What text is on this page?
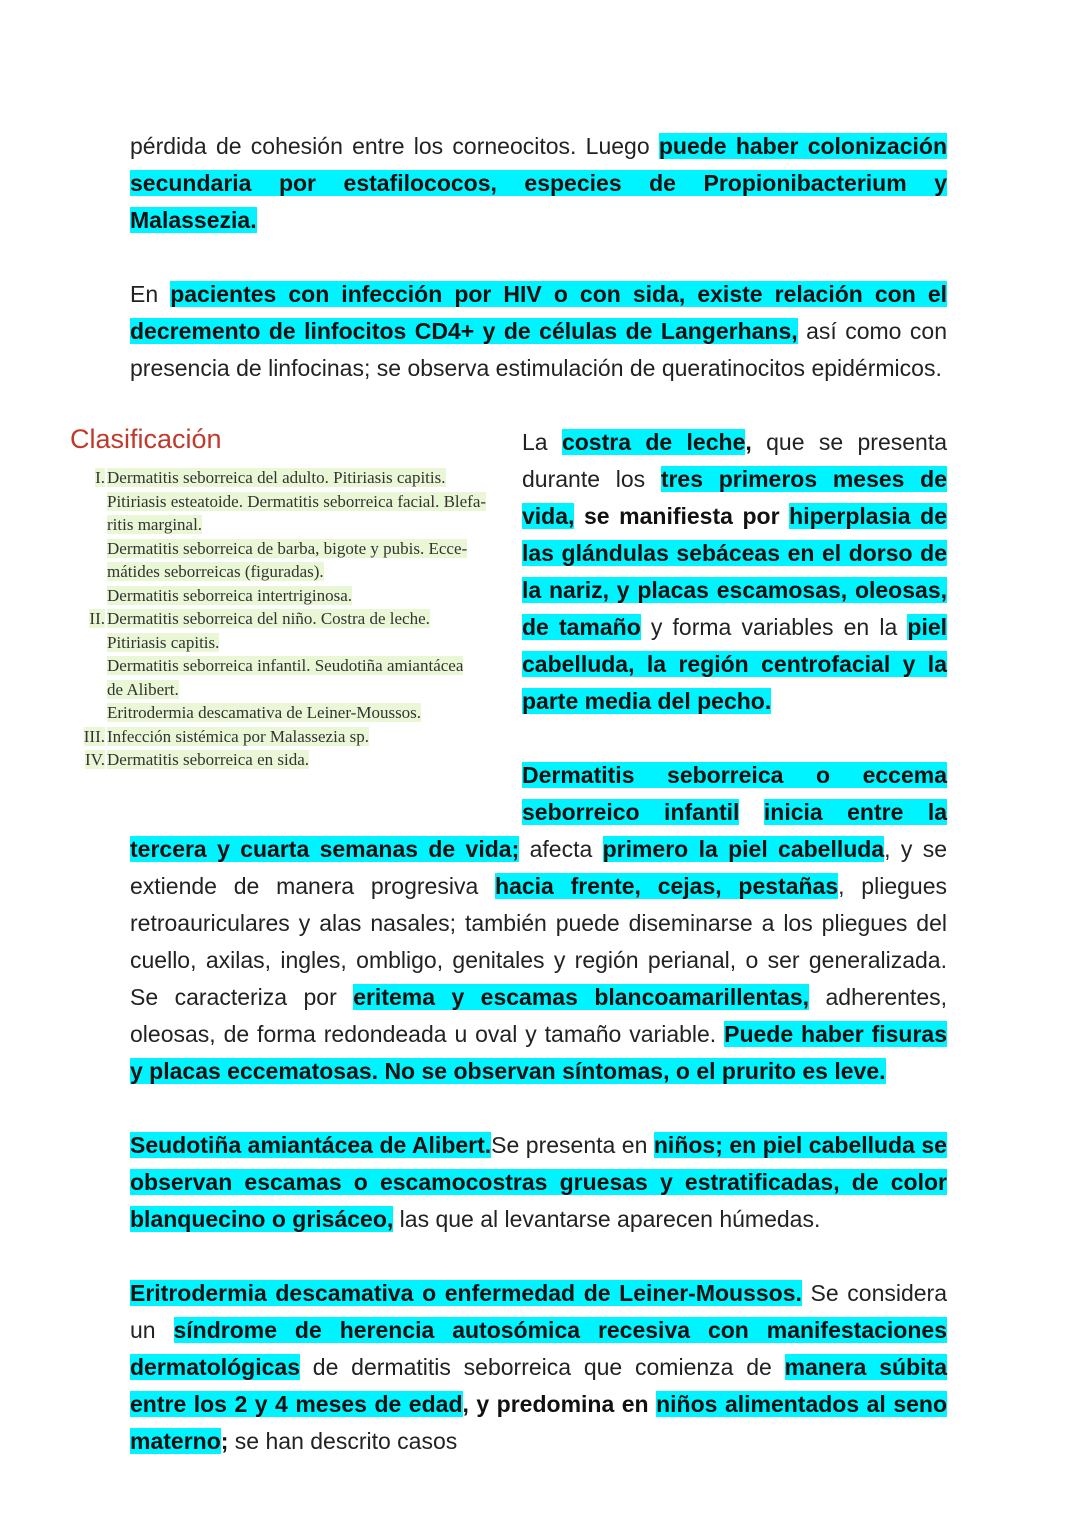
pérdida de cohesión entre los corneocitos. Luego puede haber colonización secundaria por estafilococos, especies de Propionibacterium y Malassezia.

En pacientes con infección por HIV o con sida, existe relación con el decremento de linfocitos CD4+ y de células de Langerhans, así como con presencia de linfocinas; se observa estimulación de queratinocitos epidérmicos.

Clasificación
I. Dermatitis seborreica del adulto. Pitiriasis capitis.
Pitiriasis esteatoide. Dermatitis seborreica facial. Blefa-
ritis marginal.
Dermatitis seborreica de barba, bigote y pubis. Ecce-
mátides seborreicas (figuradas).
Dermatitis seborreica intertriginosa.
II. Dermatitis seborreica del niño. Costra de leche.
Pitiriasis capitis.
Dermatitis seborreica infantil. Seudotiña amiantácea
de Alibert.
Eritrodermia descamativa de Leiner-Moussos.
III. Infección sistémica por Malassezia sp.
IV. Dermatitis seborreica en sida.

La costra de leche, que se presenta durante los tres primeros meses de vida, se manifiesta por hiperplasia de las glándulas sebáceas en el dorso de la nariz, y placas escamosas, oleosas, de tamaño y forma variables en la piel cabelluda, la región centrofacial y la parte media del pecho.

Dermatitis seborreica o eccema seborreico infantil inicia entre la tercera y cuarta semanas de vida; afecta primero la piel cabelluda, y se extiende de manera progresiva hacia frente, cejas, pestañas, pliegues retroauriculares y alas nasales; también puede diseminarse a los pliegues del cuello, axilas, ingles, ombligo, genitales y región perianal, o ser generalizada. Se caracteriza por eritema y escamas blancoamarillentas, adherentes, oleosas, de forma redondeada u oval y tamaño variable. Puede haber fisuras y placas eccematosas. No se observan síntomas, o el prurito es leve.

Seudotiña amiantácea de Alibert.Se presenta en niños; en piel cabelluda se observan escamas o escamocostras gruesas y estratificadas, de color blanquecino o grisáceo, las que al levantarse aparecen húmedas.

Eritrodermia descamativa o enfermedad de Leiner-Moussos. Se considera un síndrome de herencia autosómica recesiva con manifestaciones dermatológicas de dermatitis seborreica que comienza de manera súbita entre los 2 y 4 meses de edad, y predomina en niños alimentados al seno materno; se han descrito casos
